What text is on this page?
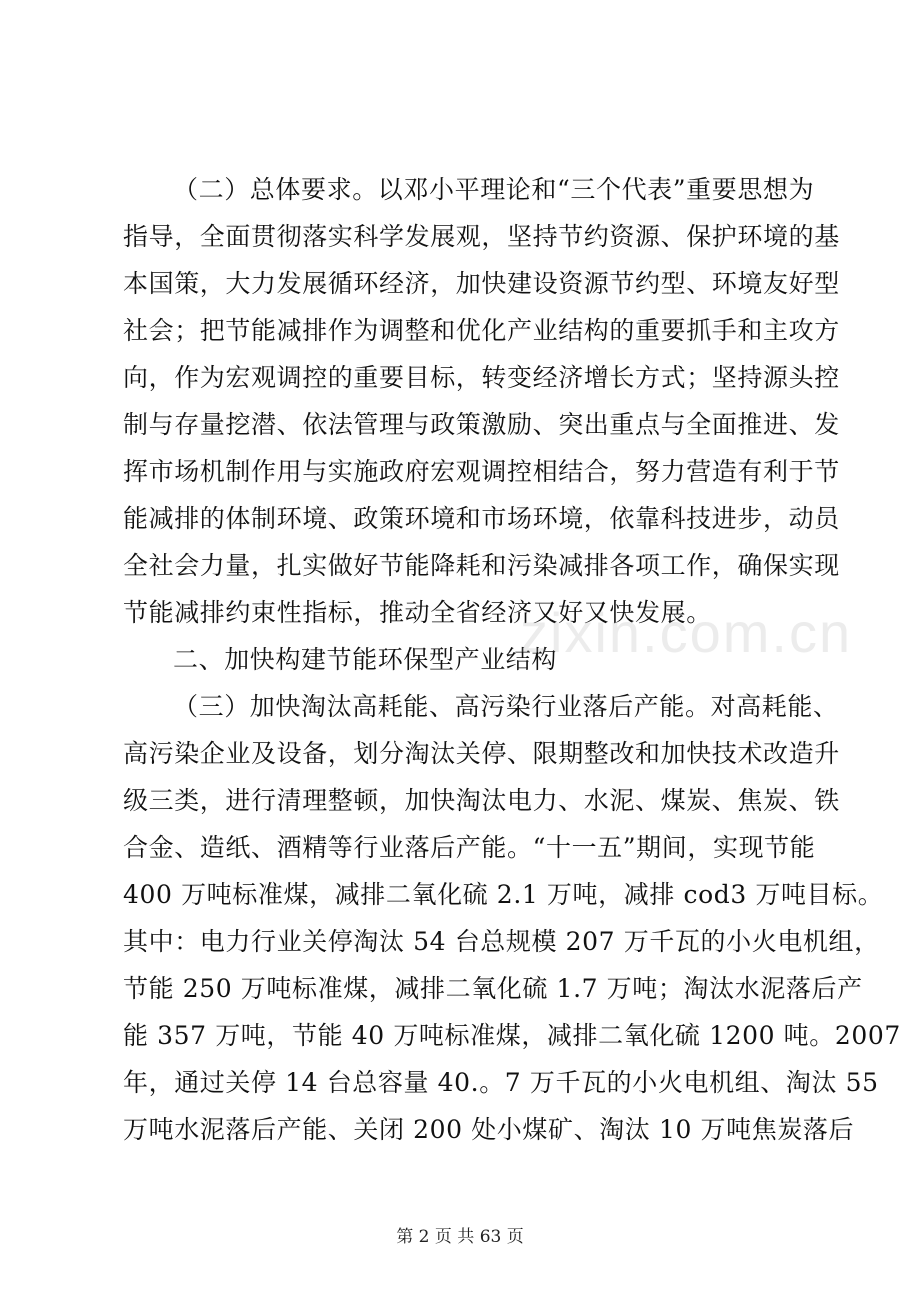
（二）总体要求。以邓小平理论和“三个代表”重要思想为
指导，全面贯彻落实科学发展观，坚持节约资源、保护环境的基
本国策，大力发展循环经济，加快建设资源节约型、环境友好型
社会；把节能减排作为调整和优化产业结构的重要抓手和主攻方
向，作为宏观调控的重要目标，转变经济增长方式；坚持源头控
制与存量挖潜、依法管理与政策激励、突出重点与全面推进、发
挥市场机制作用与实施政府宏观调控相结合，努力营造有利于节
能减排的体制环境、政策环境和市场环境，依靠科技进步，动员
全社会力量，扎实做好节能降耗和污染减排各项工作，确保实现
节能减排约束性指标，推动全省经济又好又快发展。
二、加快构建节能环保型产业结构
（三）加快淘汰高耗能、高污染行业落后产能。对高耗能、
高污染企业及设备，划分淘汰关停、限期整改和加快技术改造升
级三类，进行清理整顿，加快淘汰电力、水泥、煤炭、焦炭、铁
合金、造纸、酒精等行业落后产能。“十一五”期间，实现节能
400 万吨标准煤，减排二氧化硫 2.1 万吨，减排 cod3 万吨目标。
其中：电力行业关停淘汰 54 台总规模 207 万千瓦的小火电机组，
节能 250 万吨标准煤，减排二氧化硫 1.7 万吨；淘汰水泥落后产
能 357 万吨，节能 40 万吨标准煤，减排二氧化硫 1200 吨。2007
年，通过关停 14 台总容量 40.。7 万千瓦的小火电机组、淘汰 55
万吨水泥落后产能、关闭 200 处小煤矿、淘汰 10 万吨焦炭落后
zixin.com.cn
第 2 页 共 63 页
